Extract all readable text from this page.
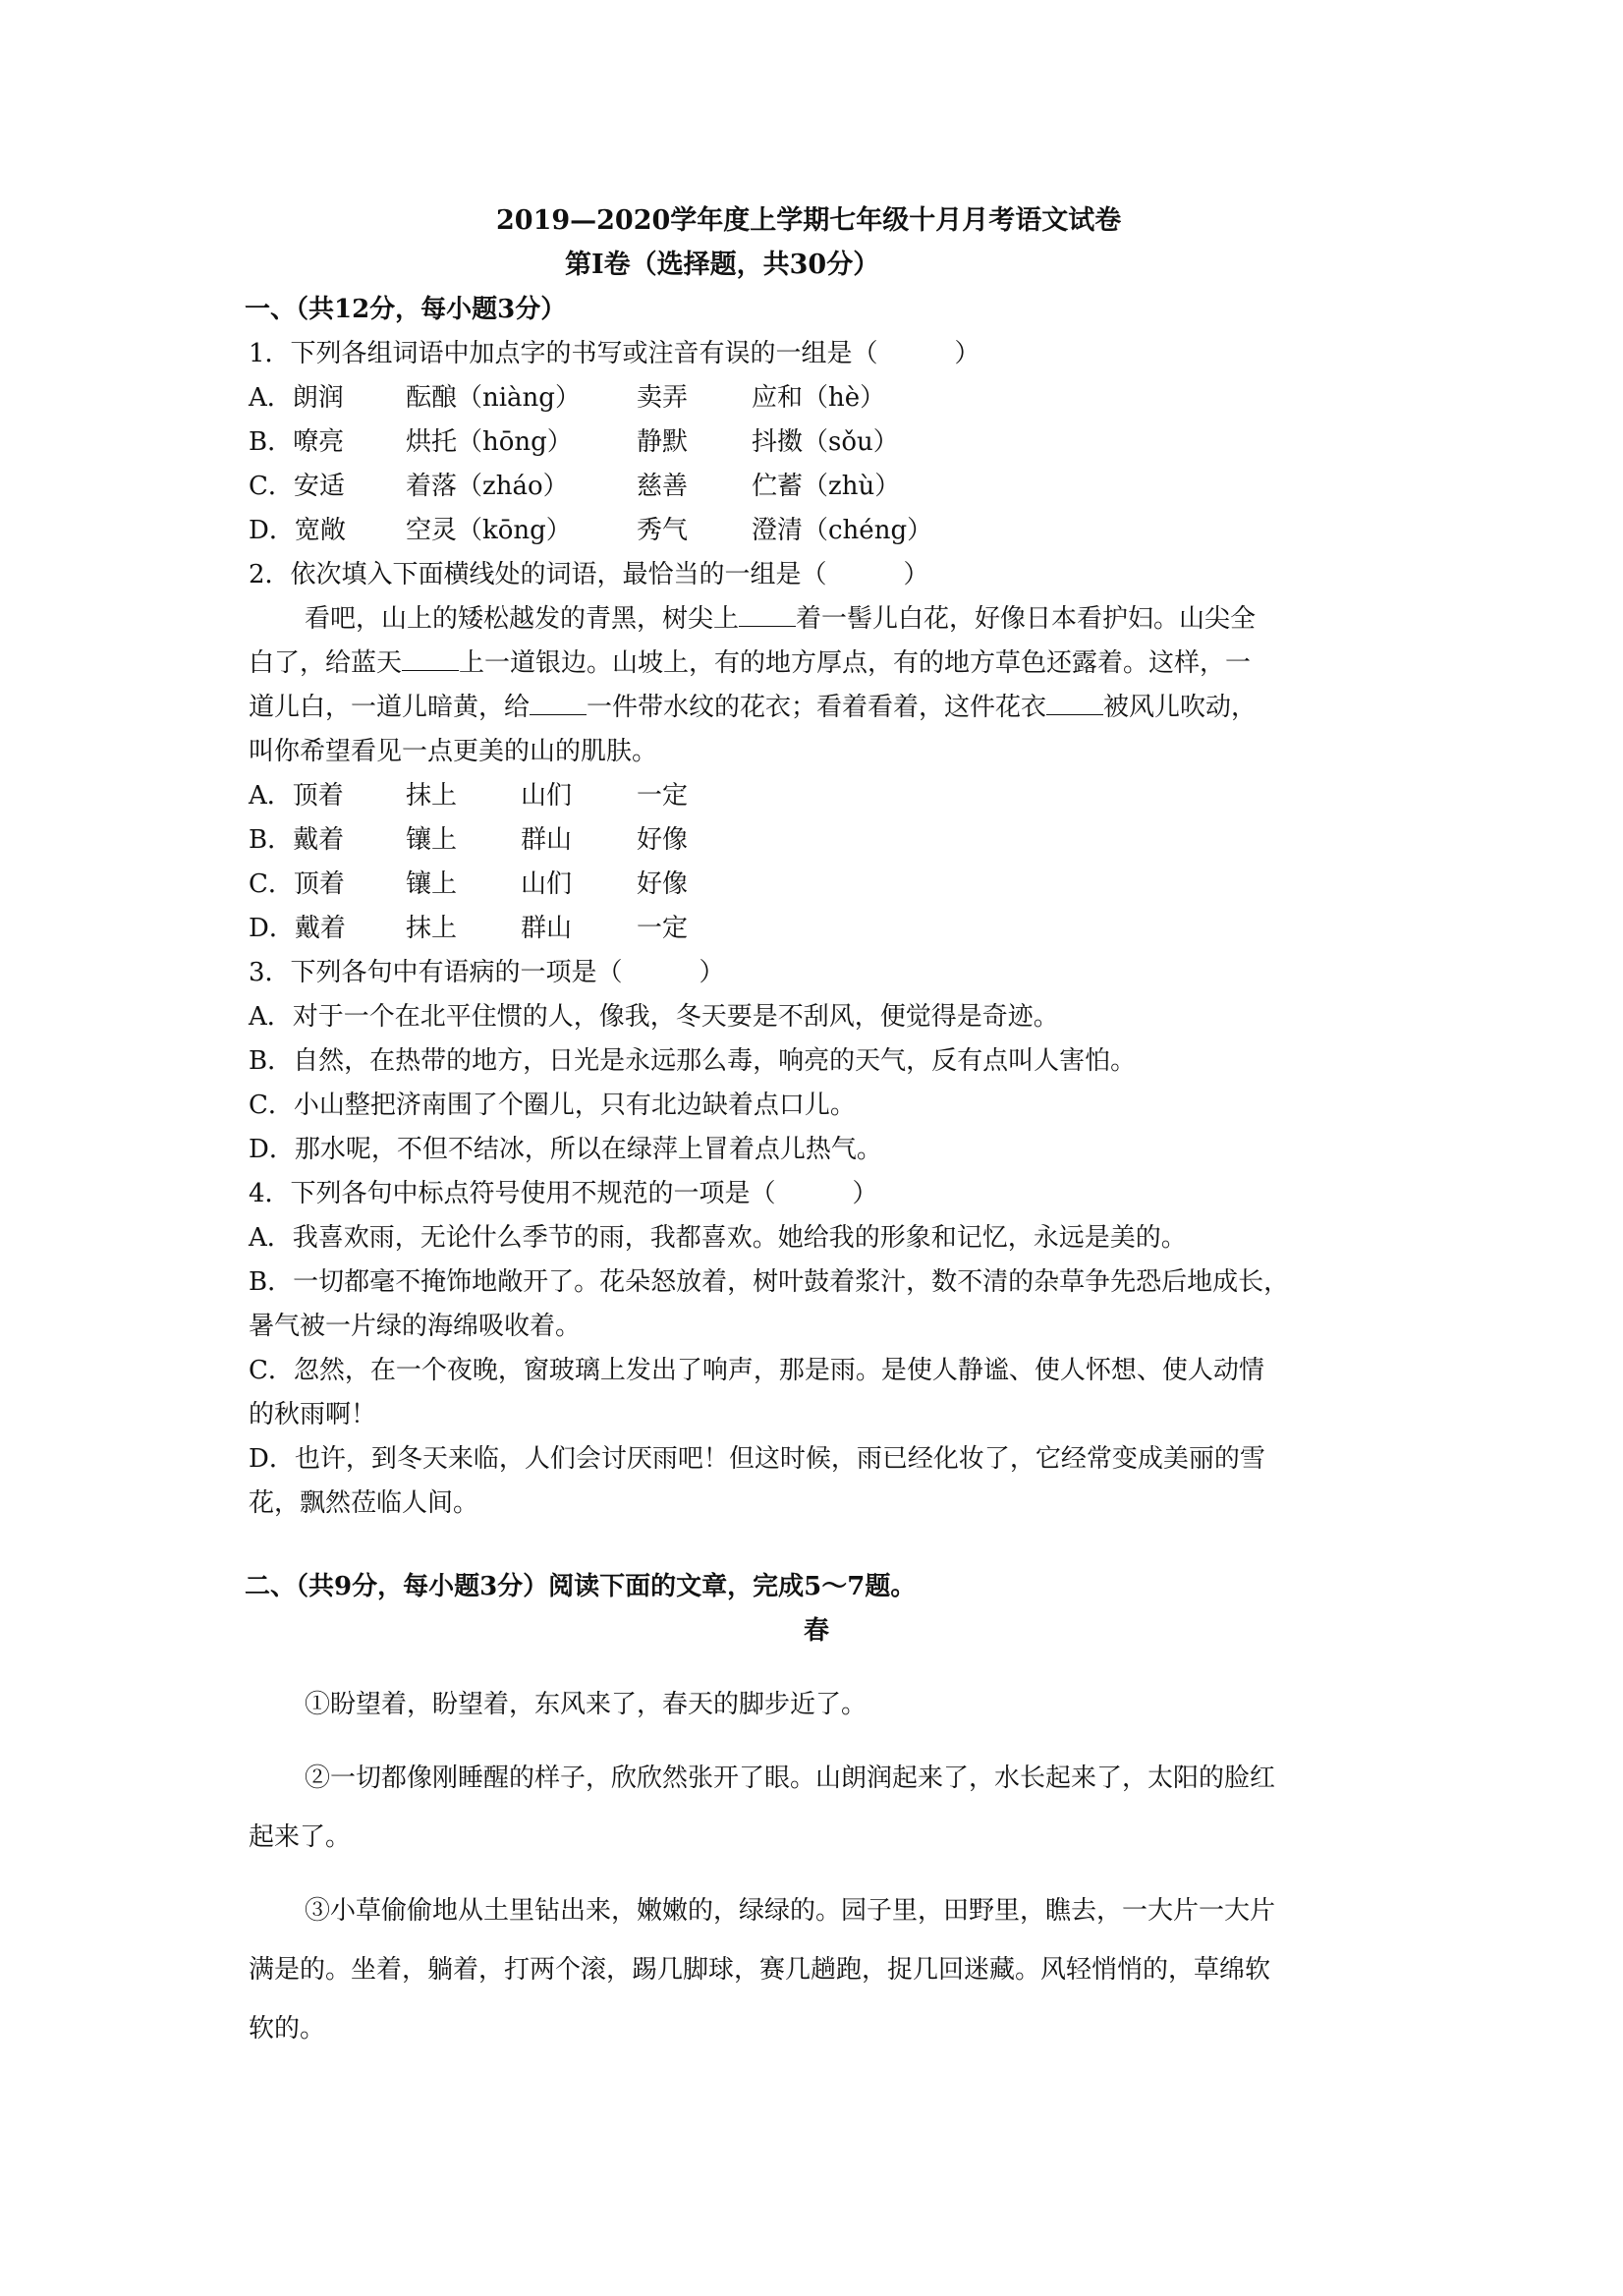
2019—2020学年度上学期七年级十月月考语文试卷
第Ⅰ卷（选择题，共30分）
一、（共12分，每小题3分）
1．下列各组词语中加点字的书写或注音有误的一组是（　　　）
A．朗润 酝酿（niàng） 卖弄 应和（hè）
B．嘹亮 烘托（hōng）	静默 抖擞（sǒu）
C．安适 着落（zháo）	慈善 伫蓄（zhù）
D．宽敞 空灵（kōng）	秀气 澄清（chéng）
2．依次填入下面横线处的词语，最恰当的一组是（　　　）
看吧，山上的矮松越发的青黑，树尖上 着一髻儿白花，好像日本看护妇。山尖全
白了，给蓝天 上一道银边。山坡上，有的地方厚点，有的地方草色还露着。这样，一
道儿白，一道儿暗黄，给 一件带水纹的花衣；看着看着，这件花衣 被风儿吹动，
叫你希望看见一点更美的山的肌肤。
A．顶着 抹上 山们	一定
B．戴着 镶上 群山	好像
C．顶着 镶上 山们	好像
D．戴着 抹上 群山	一定
3．下列各句中有语病的一项是（　　　）
A．对于一个在北平住惯的人，像我，冬天要是不刮风，便觉得是奇迹。
B．自然，在热带的地方，日光是永远那么毒，响亮的天气，反有点叫人害怕。
C．小山整把济南围了个圈儿，只有北边缺着点口儿。
D．那水呢，不但不结冰，所以在绿萍上冒着点儿热气。
4．下列各句中标点符号使用不规范的一项是（　　　）
A．我喜欢雨，无论什么季节的雨，我都喜欢。她给我的形象和记忆，永远是美的。
B．一切都毫不掩饰地敞开了。花朵怒放着，树叶鼓着浆汁，数不清的杂草争先恐后地成长，
暑气被一片绿的海绵吸收着。
C．忽然，在一个夜晚，窗玻璃上发出了响声，那是雨。是使人静谧、使人怀想、使人动情
的秋雨啊！
D．也许，到冬天来临，人们会讨厌雨吧！但这时候，雨已经化妆了，它经常变成美丽的雪
花，飘然莅临人间。
二、（共9分，每小题3分）阅读下面的文章，完成5～7题。
春
①盼望着，盼望着，东风来了，春天的脚步近了。
②一切都像刚睡醒的样子，欣欣然张开了眼。山朗润起来了，水长起来了，太阳的脸红
起来了。
③小草偷偷地从土里钻出来，嫩嫩的，绿绿的。园子里，田野里，瞧去，一大片一大片
满是的。坐着，躺着，打两个滚，踢几脚球，赛几趟跑，捉几回迷藏。风轻悄悄的，草绵软
软的。
